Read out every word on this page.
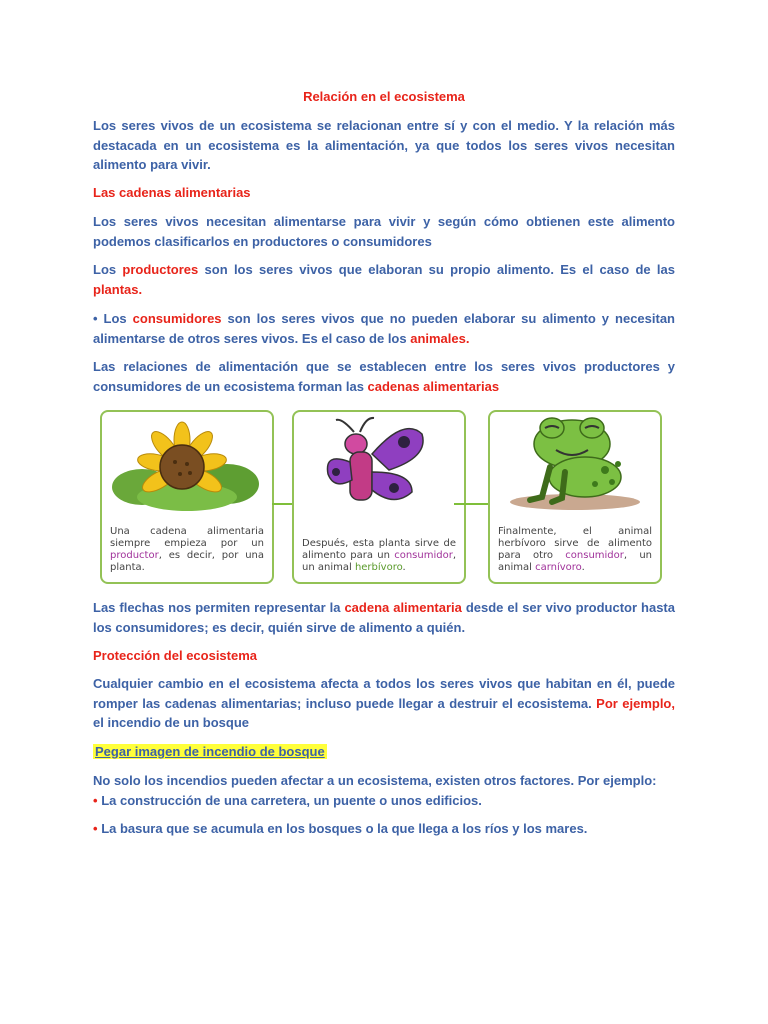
Relación en el ecosistema
Los seres vivos de un ecosistema se relacionan entre sí y con el medio. Y la relación más destacada en un ecosistema es la alimentación, ya que todos los seres vivos necesitan alimento para vivir.
Las cadenas alimentarias
Los seres vivos necesitan alimentarse para vivir y según cómo obtienen este alimento podemos clasificarlos en productores o consumidores
Los productores son los seres vivos que elaboran su propio alimento. Es el caso de las plantas.
• Los consumidores son los seres vivos que no pueden elaborar su alimento y necesitan alimentarse de otros seres vivos. Es el caso de los animales.
Las relaciones de alimentación que se establecen entre los seres vivos productores y consumidores de un ecosistema forman las cadenas alimentarias
Una cadena alimentaria siempre empieza por un productor, es decir, por una planta.
Después, esta planta sirve de alimento para un consumidor, un animal herbívoro.
Finalmente, el animal herbívoro sirve de alimento para otro consumidor, un animal carnívoro.
Las flechas nos permiten representar la cadena alimentaria desde el ser vivo productor hasta los consumidores; es decir, quién sirve de alimento a quién.
Protección del ecosistema
Cualquier cambio en el ecosistema afecta a todos los seres vivos que habitan en él, puede romper las cadenas alimentarias; incluso puede llegar a destruir el ecosistema. Por ejemplo, el incendio de un bosque
Pegar imagen de incendio de bosque
No solo los incendios pueden afectar a un ecosistema, existen otros factores. Por ejemplo:
• La construcción de una carretera, un puente o unos edificios.
• La basura que se acumula en los bosques o la que llega a los ríos y los mares.
